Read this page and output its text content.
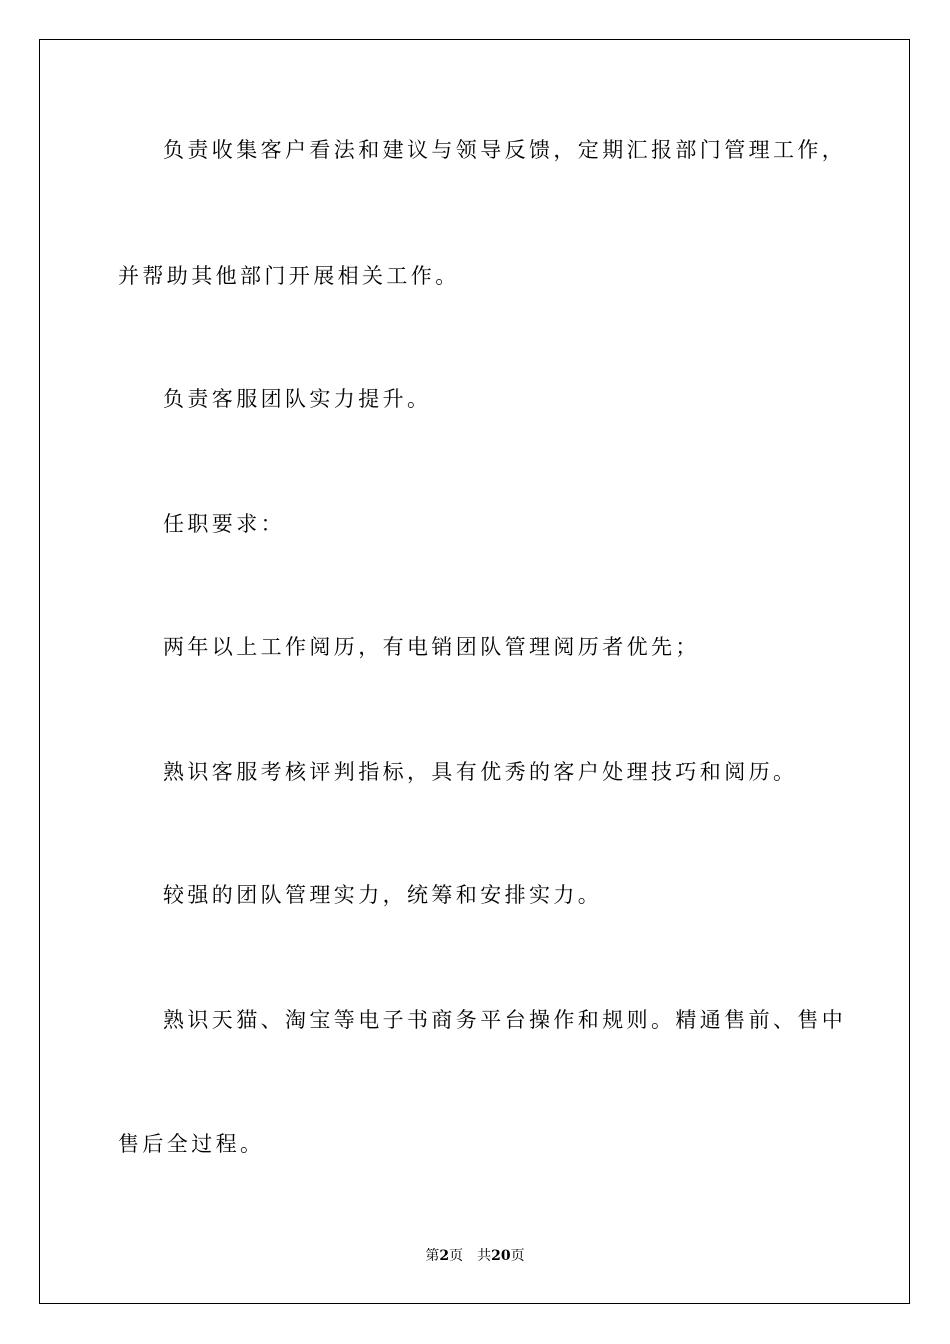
负责收集客户看法和建议与领导反馈，定期汇报部门管理工作，
并帮助其他部门开展相关工作。
负责客服团队实力提升。
任职要求：
两年以上工作阅历，有电销团队管理阅历者优先；
熟识客服考核评判指标，具有优秀的客户处理技巧和阅历。
较强的团队管理实力，统筹和安排实力。
熟识天猫、淘宝等电子书商务平台操作和规则。精通售前、售中
售后全过程。
第2页 共20页
